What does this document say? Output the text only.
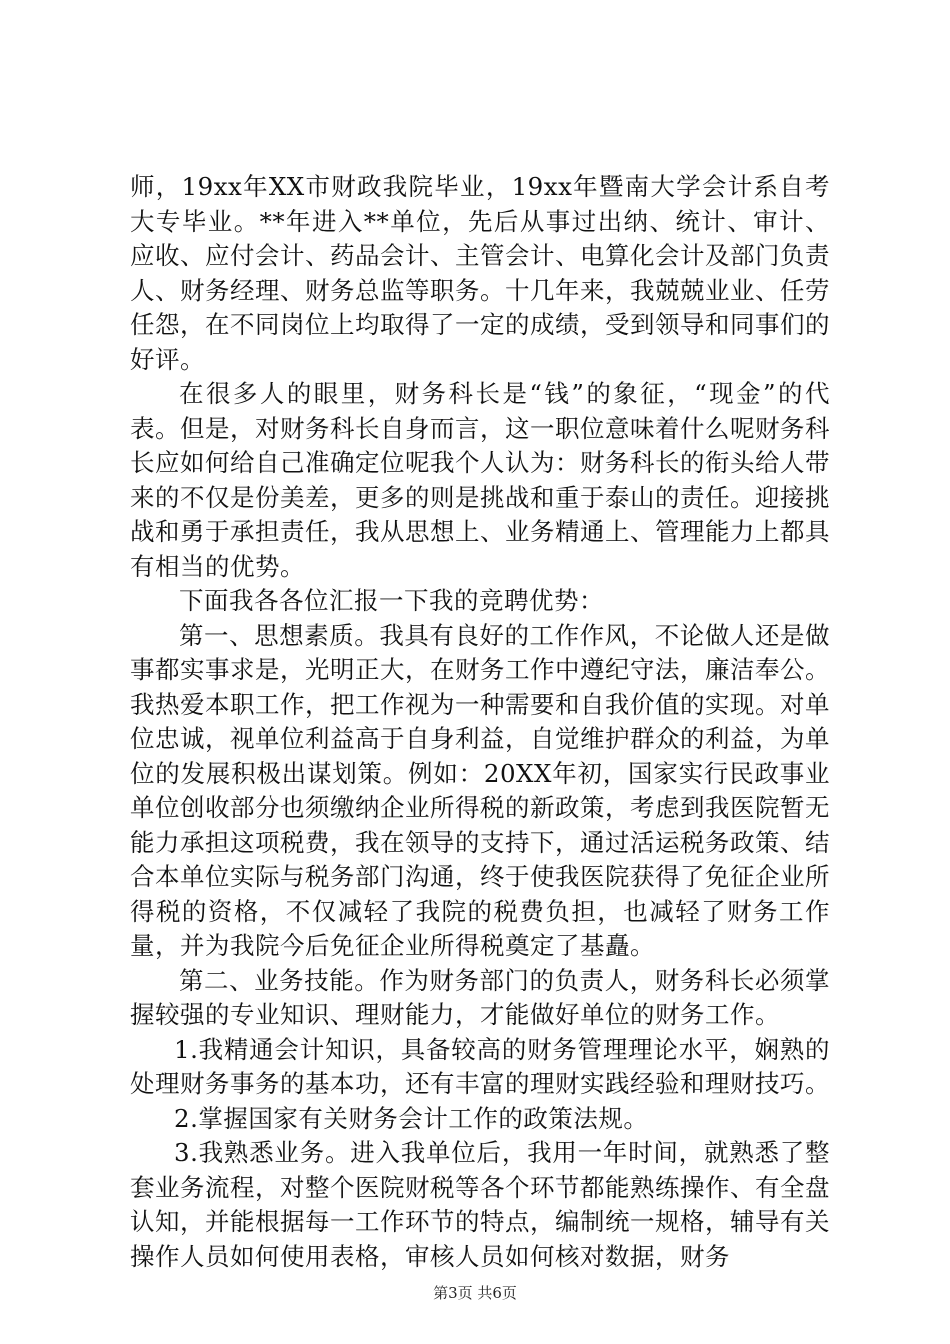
师，19xx年XX市财政我院毕业，19xx年暨南大学会计系自考大专毕业。**年进入**单位，先后从事过出纳、统计、审计、应收、应付会计、药品会计、主管会计、电算化会计及部门负责人、财务经理、财务总监等职务。十几年来，我兢兢业业、任劳任怨，在不同岗位上均取得了一定的成绩，受到领导和同事们的好评。

在很多人的眼里，财务科长是“钱”的象征，“现金”的代表。但是，对财务科长自身而言，这一职位意味着什么呢财务科长应如何给自己准确定位呢我个人认为：财务科长的衔头给人带来的不仅是份美差，更多的则是挑战和重于泰山的责任。迎接挑战和勇于承担责任，我从思想上、业务精通上、管理能力上都具有相当的优势。

下面我各各位汇报一下我的竞聘优势：

第一、思想素质。我具有良好的工作作风，不论做人还是做事都实事求是，光明正大，在财务工作中遵纪守法，廉洁奉公。我热爱本职工作，把工作视为一种需要和自我价值的实现。对单位忠诚，视单位利益高于自身利益，自觉维护群众的利益，为单位的发展积极出谋划策。例如：20XX年初，国家实行民政事业单位创收部分也须缴纳企业所得税的新政策，考虑到我医院暂无能力承担这项税费，我在领导的支持下，通过活运税务政策、结合本单位实际与税务部门沟通，终于使我医院获得了免征企业所得税的资格，不仅减轻了我院的税费负担，也减轻了财务工作量，并为我院今后免征企业所得税奠定了基矗。

第二、业务技能。作为财务部门的负责人，财务科长必须掌握较强的专业知识、理财能力，才能做好单位的财务工作。

1.我精通会计知识，具备较高的财务管理理论水平，娴熟的处理财务事务的基本功，还有丰富的理财实践经验和理财技巧。

2.掌握国家有关财务会计工作的政策法规。

3.我熟悉业务。进入我单位后，我用一年时间，就熟悉了整套业务流程，对整个医院财税等各个环节都能熟练操作、有全盘认知，并能根据每一工作环节的特点，编制统一规格，辅导有关操作人员如何使用表格，审核人员如何核对数据，财务

第3页 共6页
